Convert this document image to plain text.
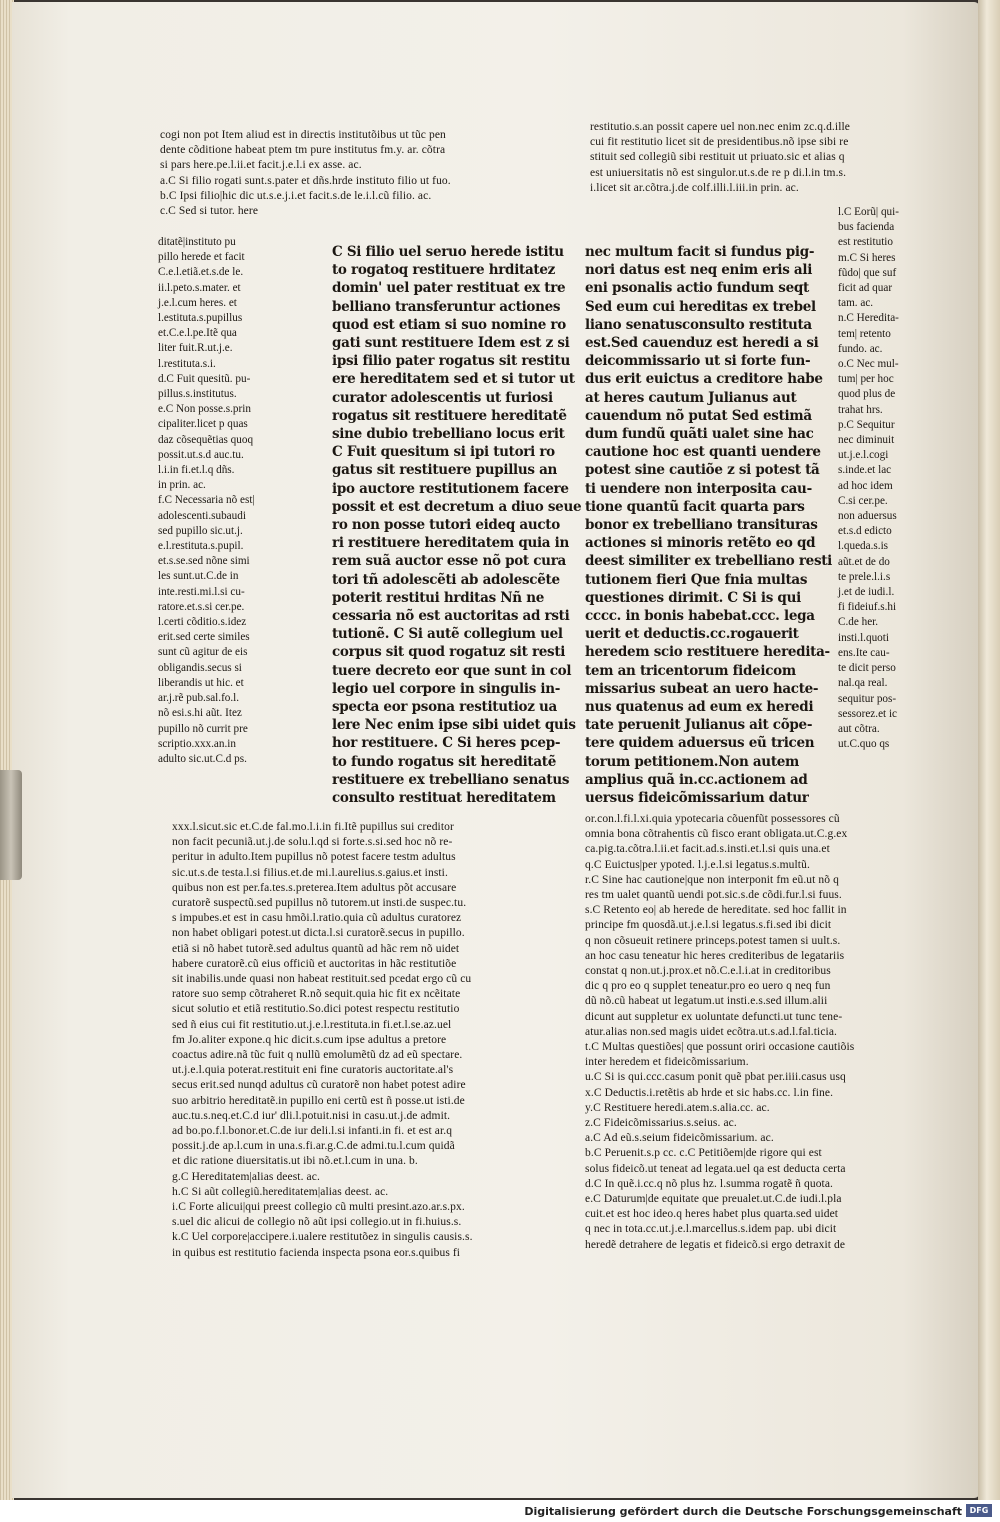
cogi non pot Item aliud est in directis institutõibus ut tũc pen
dente cõditione habeat ptem tm pure institutus fm.y. ar. cõtra
si pars here.pe.l.ii.et facit.j.e.l.i ex asse. ac.
a.C Si filio rogati sunt.s.pater et dñs.hrde instituto filio ut fuo.
b.C Ipsi filio|hic dic ut.s.e.j.i.et facit.s.de le.i.l.cũ filio. ac.
c.C Sed si tutor. here
ditatẽ|instituto pu
pillo herede et facit
C.e.l.etiã.et.s.de le.
ii.l.peto.s.mater. et
j.e.l.cum heres. et
l.estituta.s.pupillus
et.C.e.l.pe.Itẽ qua
liter fuit.R.ut.j.e.
l.restituta.s.i.
d.C Fuit quesitũ. pu-
pillus.s.institutus.
e.C Non posse.s.prin
cipaliter.licet p quas
daz cõsequẽtias quoq
possit.ut.s.d auc.tu.
l.i.in fi.et.l.q dñs.
in prin. ac.
f.C Necessaria nõ est|
adolescenti.subaudi
sed pupillo sic.ut.j.
e.l.restituta.s.pupil.
et.s.se.sed nõne simi
les sunt.ut.C.de in
inte.resti.mi.l.si cu-
ratore.et.s.si cer.pe.
l.certi cõditio.s.idez
erit.sed certe similes
sunt cũ agitur de eis
obligandis.secus si
liberandis ut hic. et
ar.j.rẽ pub.sal.fo.l.
nõ esi.s.hi aũt. Itez
pupillo nõ currit pre
scriptio.xxx.an.in
adulto sic.ut.C.d ps.
C Si filio uel seruo herede istitu
to rogatoq restituere hrditatez
domin' uel pater restituat ex tre
belliano transferuntur actiones
quod est etiam si suo nomine ro
gati sunt restituere Idem est z si
ipsi filio pater rogatus sit restitu
ere hereditatem sed et si tutor ut
curator adolescentis ut furiosi
rogatus sit restituere hereditatẽ
sine dubio trebelliano locus erit
C Fuit quesitum si ipi tutori ro
gatus sit restituere pupillus an
ipo auctore restitutionem facere
possit et est decretum a diuo seue
ro non posse tutori eideq aucto
ri restituere hereditatem quia in
rem suã auctor esse nõ pot cura
tori tñ adolescẽti ab adolescẽte
poterit restitui hrditas Nñ ne
cessaria nõ est auctoritas ad rsti
tutionẽ. C Si autẽ collegium uel
corpus sit quod rogatuz sit resti
tuere decreto eor que sunt in col
legio uel corpore in singulis in-
specta eor psona restitutioz ua
lere Nec enim ipse sibi uidet quis
hor restituere. C Si heres pcep-
to fundo rogatus sit hereditatẽ
restituere ex trebelliano senatus
consulto restituat hereditatem
restitutio.s.an possit capere uel non.nec enim zc.q.d.ille
cui fit restitutio licet sit de presidentibus.nõ ipse sibi re
stituit sed collegiũ sibi restituit ut priuato.sic et alias q
est uniuersitatis nõ est singulor.ut.s.de re p di.l.in tm.s.
i.licet sit ar.cõtra.j.de colf.illi.l.iii.in prin. ac.
nec multum facit si fundus pig-
nori datus est neq enim eris ali
eni psonalis actio fundum seqt
Sed eum cui hereditas ex trebel
liano senatusconsulto restituta
est.Sed cauenduz est heredi a si
deicommissario ut si forte fun-
dus erit euictus a creditore habe
at heres cautum Julianus aut
cauendum nõ putat Sed estimã
dum fundũ quãti ualet sine hac
cautione hoc est quanti uendere
potest sine cautiõe z si potest tã
ti uendere non interposita cau-
tione quantũ facit quarta pars
bonor ex trebelliano transituras
actiones si minoris retẽto eo qd
deest similiter ex trebelliano resti
tutionem fieri Que fnia multas
questiones dirimit. C Si is qui
cccc. in bonis habebat.ccc. lega
uerit et deductis.cc.rogauerit
heredem scio restituere heredita-
tem an tricentorum fideicom
missarius subeat an uero hacte-
nus quatenus ad eum ex heredi
tate peruenit Julianus ait cõpe-
tere quidem aduersus eũ tricen
torum petitionem.Non autem
amplius quã in.cc.actionem ad
uersus fideicõmissarium datur
l.C Eorũ| qui-
bus facienda
est restitutio
m.C Si heres
fũdo| que suf
ficit ad quar
tam. ac.
n.C Heredita-
tem| retento
fundo. ac.
o.C Nec mul-
tum| per hoc
quod plus de
trahat hrs.
p.C Sequitur
nec diminuit
ut.j.e.l.cogi
s.inde.et lac
ad hoc idem
C.si cer.pe.
non aduersus
et.s.d edicto
l.queda.s.is
aũt.et de do
te prele.l.i.s
j.et de iudi.l.
fi fideiuf.s.hi
C.de her.
insti.l.quoti
ens.Ite cau-
te dicit perso
nal.qa real.
sequitur pos-
sessorez.et ic
aut cõtra.
ut.C.quo qs
xxx.l.sicut.sic et.C.de fal.mo.l.i.in fi.Itẽ pupillus sui creditor
non facit pecuniã.ut.j.de solu.l.qd si forte.s.si.sed hoc nõ re-
peritur in adulto.Item pupillus nõ potest facere testm adultus
sic.ut.s.de testa.l.si filius.et.de mi.l.aurelius.s.gaius.et insti.
quibus non est per.fa.tes.s.preterea.Item adultus põt accusare
curatorẽ suspectũ.sed pupillus nõ tutorem.ut insti.de suspec.tu.
s impubes.et est in casu hmõi.l.ratio.quia cũ adultus curatorez
non habet obligari potest.ut dicta.l.si curatorẽ.secus in pupillo.
etiã si nõ habet tutorẽ.sed adultus quantũ ad hãc rem nõ uidet
habere curatorẽ.cũ eius officiũ et auctoritas in hãc restitutiõe
sit inabilis.unde quasi non habeat restituit.sed pcedat ergo cũ cu
ratore suo semp cõtraheret R.nõ sequit.quia hic fit ex ncẽitate
sicut solutio et etiã restitutio.So.dici potest respectu restitutio
sed ñ eius cui fit restitutio.ut.j.e.l.restituta.in fi.et.l.se.az.uel
fm Jo.aliter expone.q hic dicit.s.cum ipse adultus a pretore
coactus adire.nã tũc fuit q nullũ emolumẽtũ dz ad eũ spectare.
ut.j.e.l.quia poterat.restituit eni fine curatoris auctoritate.al's
secus erit.sed nunqd adultus cũ curatorẽ non habet potest adire
suo arbitrio hereditatẽ.in pupillo eni certũ est ñ posse.ut isti.de
auc.tu.s.neq.et.C.d iur' dli.l.potuit.nisi in casu.ut.j.de admit.
ad bo.po.f.l.bonor.et.C.de iur deli.l.si infanti.in fi. et est ar.q
possit.j.de ap.l.cum in una.s.fi.ar.g.C.de admi.tu.l.cum quidã
et dic ratione diuersitatis.ut ibi nõ.et.l.cum in una. b.
g.C Hereditatem|alias deest. ac.
h.C Si aũt collegiũ.hereditatem|alias deest. ac.
i.C Forte alicui|qui preest collegio cũ multi presint.azo.ar.s.px.
s.uel dic alicui de collegio nõ aũt ipsi collegio.ut in fi.huius.s.
k.C Uel corpore|accipere.i.ualere restitutõez in singulis causis.s.
in quibus est restitutio facienda inspecta psona eor.s.quibus fi
or.con.l.fi.l.xi.quia ypotecaria cõuenfũt possessores cũ
omnia bona cõtrahentis cũ fisco erant obligata.ut.C.g.ex
ca.pig.ta.cõtra.l.ii.et facit.ad.s.insti.et.l.si quis una.et
q.C Euictus|per ypoted. l.j.e.l.si legatus.s.multũ.
r.C Sine hac cautione|que non interponit fm eũ.ut nõ q
res tm ualet quantũ uendi pot.sic.s.de cõdi.fur.l.si fuus.
s.C Retento eo| ab herede de hereditate. sed hoc fallit in
principe fm quosdã.ut.j.e.l.si legatus.s.fi.sed ibi dicit
q non cõsueuit retinere princeps.potest tamen si uult.s.
an hoc casu teneatur hic heres crediteribus de legatariis
constat q non.ut.j.prox.et nõ.C.e.l.i.at in creditoribus
dic q pro eo q supplet teneatur.pro eo uero q neq fun
dũ nõ.cũ habeat ut legatum.ut insti.e.s.sed illum.alii
dicunt aut suppletur ex uoluntate defuncti.ut tunc tene-
atur.alias non.sed magis uidet ecõtra.ut.s.ad.l.fal.ticia.
t.C Multas questiões| que possunt oriri occasione cautiõis
inter heredem et fideicõmissarium.
u.C Si is qui.ccc.casum ponit quẽ pbat per.iiii.casus usq
x.C Deductis.i.retẽtis ab hrde et sic habs.cc. l.in fine.
y.C Restituere heredi.atem.s.alia.cc. ac.
z.C Fideicõmissarius.s.seius. ac.
a.C Ad eũ.s.seium fideicõmissarium. ac.
b.C Peruenit.s.p cc. c.C Petitiõem|de rigore qui est
solus fideicõ.ut teneat ad legata.uel qa est deducta certa
d.C In quẽ.i.cc.q nõ plus hz. l.summa rogatẽ ñ quota.
e.C Daturum|de equitate que preualet.ut.C.de iudi.l.pla
cuit.et est hoc ideo.q heres habet plus quarta.sed uidet
q nec in tota.cc.ut.j.e.l.marcellus.s.idem pap. ubi dicit
heredẽ detrahere de legatis et fideicõ.si ergo detraxit de
Digitalisierung gefördert durch die Deutsche Forschungsgemeinschaft DFG
